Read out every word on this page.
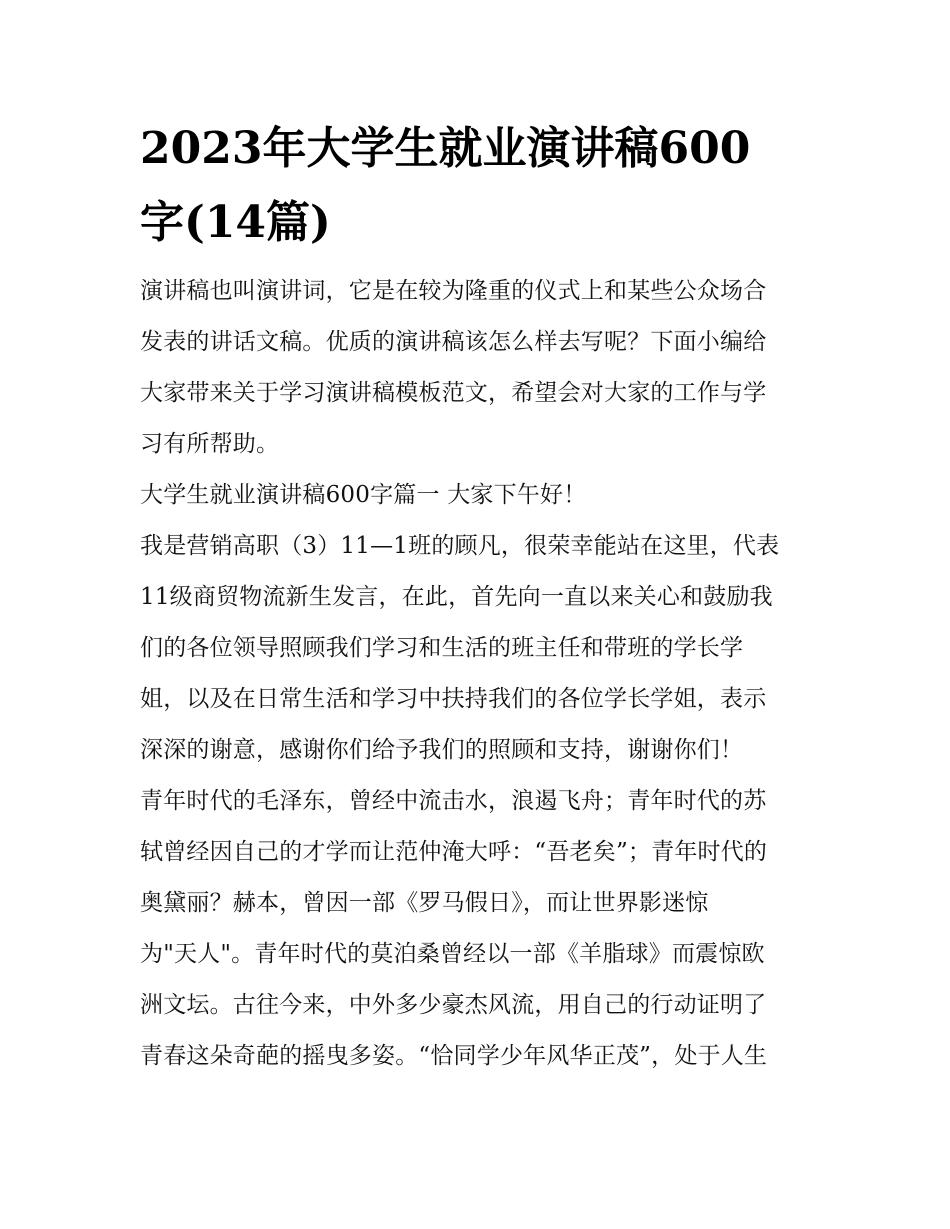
2023年大学生就业演讲稿600
字(14篇)
演讲稿也叫演讲词，它是在较为隆重的仪式上和某些公众场合
发表的讲话文稿。优质的演讲稿该怎么样去写呢？下面小编给
大家带来关于学习演讲稿模板范文，希望会对大家的工作与学
习有所帮助。
大学生就业演讲稿600字篇一 大家下午好！
我是营销高职（3）11—1班的顾凡，很荣幸能站在这里，代表
11级商贸物流新生发言，在此，首先向一直以来关心和鼓励我
们的各位领导照顾我们学习和生活的班主任和带班的学长学
姐，以及在日常生活和学习中扶持我们的各位学长学姐，表示
深深的谢意，感谢你们给予我们的照顾和支持，谢谢你们！
青年时代的毛泽东，曾经中流击水，浪遏飞舟；青年时代的苏
轼曾经因自己的才学而让范仲淹大呼：“吾老矣”；青年时代的
奥黛丽？赫本，曾因一部《罗马假日》，而让世界影迷惊
为"天人"。青年时代的莫泊桑曾经以一部《羊脂球》而震惊欧
洲文坛。古往今来，中外多少豪杰风流，用自己的行动证明了
青春这朵奇葩的摇曳多姿。“恰同学少年风华正茂”，处于人生
